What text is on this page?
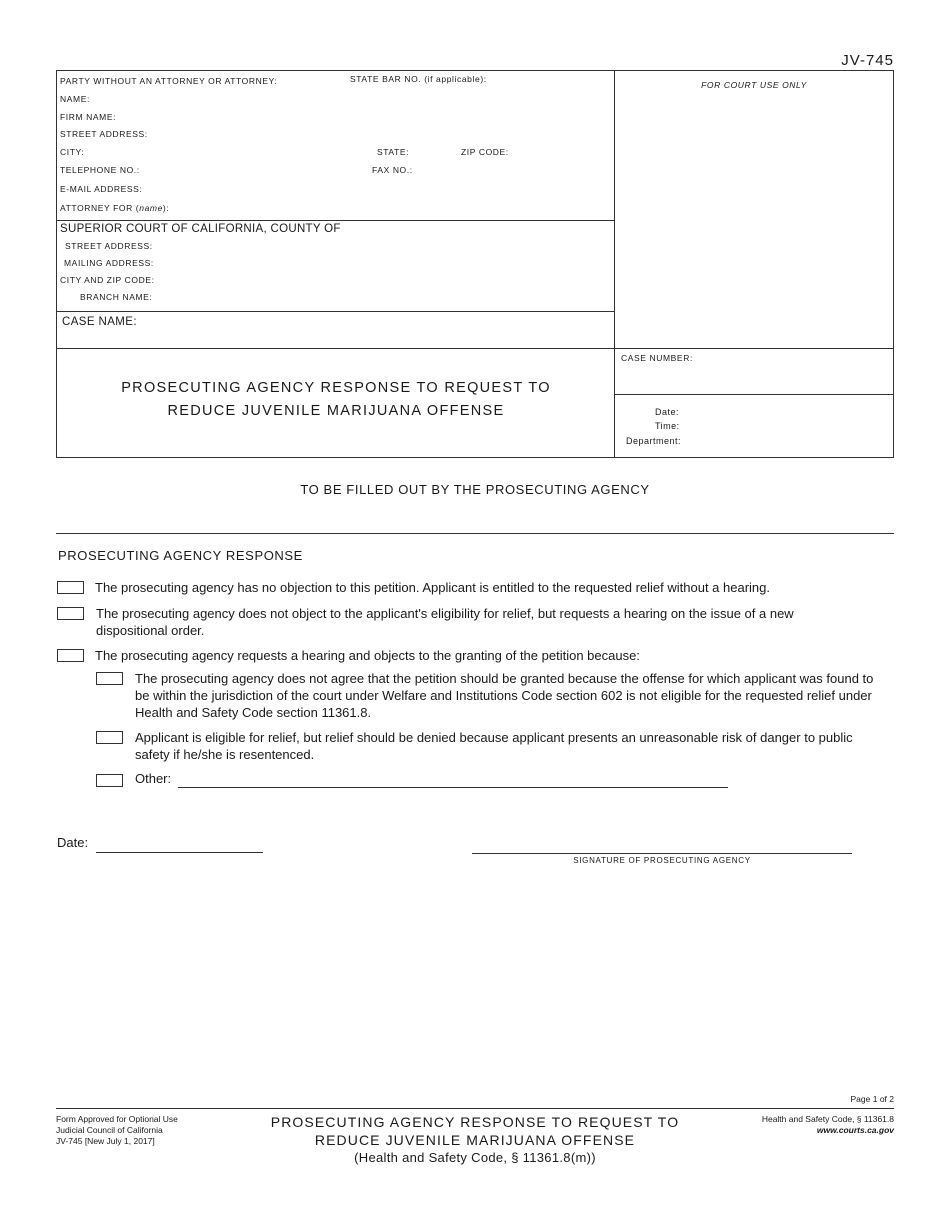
JV-745
PARTY WITHOUT AN ATTORNEY OR ATTORNEY:	STATE BAR NO. (if applicable):
FOR COURT USE ONLY
NAME:
FIRM NAME:
STREET ADDRESS:
CITY:	STATE:	ZIP CODE:
TELEPHONE NO.:	FAX NO.:
E-MAIL ADDRESS:
ATTORNEY FOR (name):
SUPERIOR COURT OF CALIFORNIA, COUNTY OF
STREET ADDRESS:
MAILING ADDRESS:
CITY AND ZIP CODE:
BRANCH NAME:
CASE NAME:
PROSECUTING AGENCY RESPONSE TO REQUEST TO
REDUCE JUVENILE MARIJUANA OFFENSE
CASE NUMBER:
Date:
Time:
Department:
TO BE FILLED OUT BY THE PROSECUTING AGENCY
PROSECUTING AGENCY RESPONSE
The prosecuting agency has no objection to this petition. Applicant is entitled to the requested relief without a hearing.
The prosecuting agency does not object to the applicant's eligibility for relief, but requests a hearing on the issue of a new dispositional order.
The prosecuting agency requests a hearing and objects to the granting of the petition because:
The prosecuting agency does not agree that the petition should be granted because the offense for which applicant was found to be within the jurisdiction of the court under Welfare and Institutions Code section 602 is not eligible for the requested relief under Health and Safety Code section 11361.8.
Applicant is eligible for relief, but relief should be denied because applicant presents an unreasonable risk of danger to public safety if he/she is resentenced.
Other:
Date:
SIGNATURE OF PROSECUTING AGENCY
Page 1 of 2
Form Approved for Optional Use
Judicial Council of California
JV-745 [New July 1, 2017]
PROSECUTING AGENCY RESPONSE TO REQUEST TO
REDUCE JUVENILE MARIJUANA OFFENSE
(Health and Safety Code, § 11361.8(m))
Health and Safety Code, § 11361.8
www.courts.ca.gov
